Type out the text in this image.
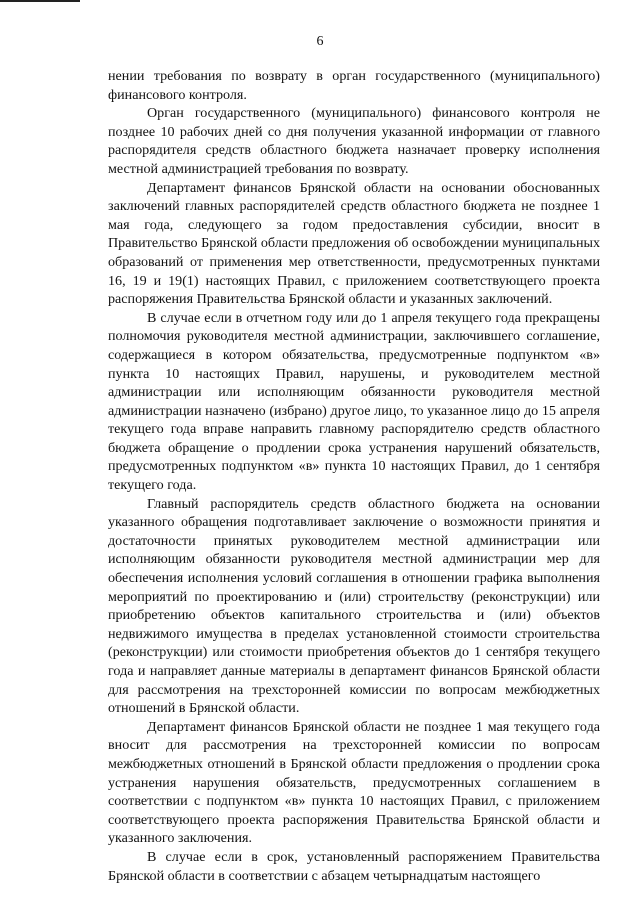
6

нении требования по возврату в орган государственного (муниципального) финансового контроля.

Орган государственного (муниципального) финансового контроля не позднее 10 рабочих дней со дня получения указанной информации от главного распорядителя средств областного бюджета назначает проверку исполнения местной администрацией требования по возврату.

Департамент финансов Брянской области на основании обоснованных заключений главных распорядителей средств областного бюджета не позднее 1 мая года, следующего за годом предоставления субсидии, вносит в Правительство Брянской области предложения об освобождении муниципальных образований от применения мер ответственности, предусмотренных пунктами 16, 19 и 19(1) настоящих Правил, с приложением соответствующего проекта распоряжения Правительства Брянской области и указанных заключений.

В случае если в отчетном году или до 1 апреля текущего года прекращены полномочия руководителя местной администрации, заключившего соглашение, содержащиеся в котором обязательства, предусмотренные подпунктом «в» пункта 10 настоящих Правил, нарушены, и руководителем местной администрации или исполняющим обязанности руководителя местной администрации назначено (избрано) другое лицо, то указанное лицо до 15 апреля текущего года вправе направить главному распорядителю средств областного бюджета обращение о продлении срока устранения нарушений обязательств, предусмотренных подпунктом «в» пункта 10 настоящих Правил, до 1 сентября текущего года.

Главный распорядитель средств областного бюджета на основании указанного обращения подготавливает заключение о возможности принятия и достаточности принятых руководителем местной администрации или исполняющим обязанности руководителя местной администрации мер для обеспечения исполнения условий соглашения в отношении графика выполнения мероприятий по проектированию и (или) строительству (реконструкции) или приобретению объектов капитального строительства и (или) объектов недвижимого имущества в пределах установленной стоимости строительства (реконструкции) или стоимости приобретения объектов до 1 сентября текущего года и направляет данные материалы в департамент финансов Брянской области для рассмотрения на трехсторонней комиссии по вопросам межбюджетных отношений в Брянской области.

Департамент финансов Брянской области не позднее 1 мая текущего года вносит для рассмотрения на трехсторонней комиссии по вопросам межбюджетных отношений в Брянской области предложения о продлении срока устранения нарушения обязательств, предусмотренных соглашением в соответствии с подпунктом «в» пункта 10 настоящих Правил, с приложением соответствующего проекта распоряжения Правительства Брянской области и указанного заключения.

В случае если в срок, установленный распоряжением Правительства Брянской области в соответствии с абзацем четырнадцатым настоящего
